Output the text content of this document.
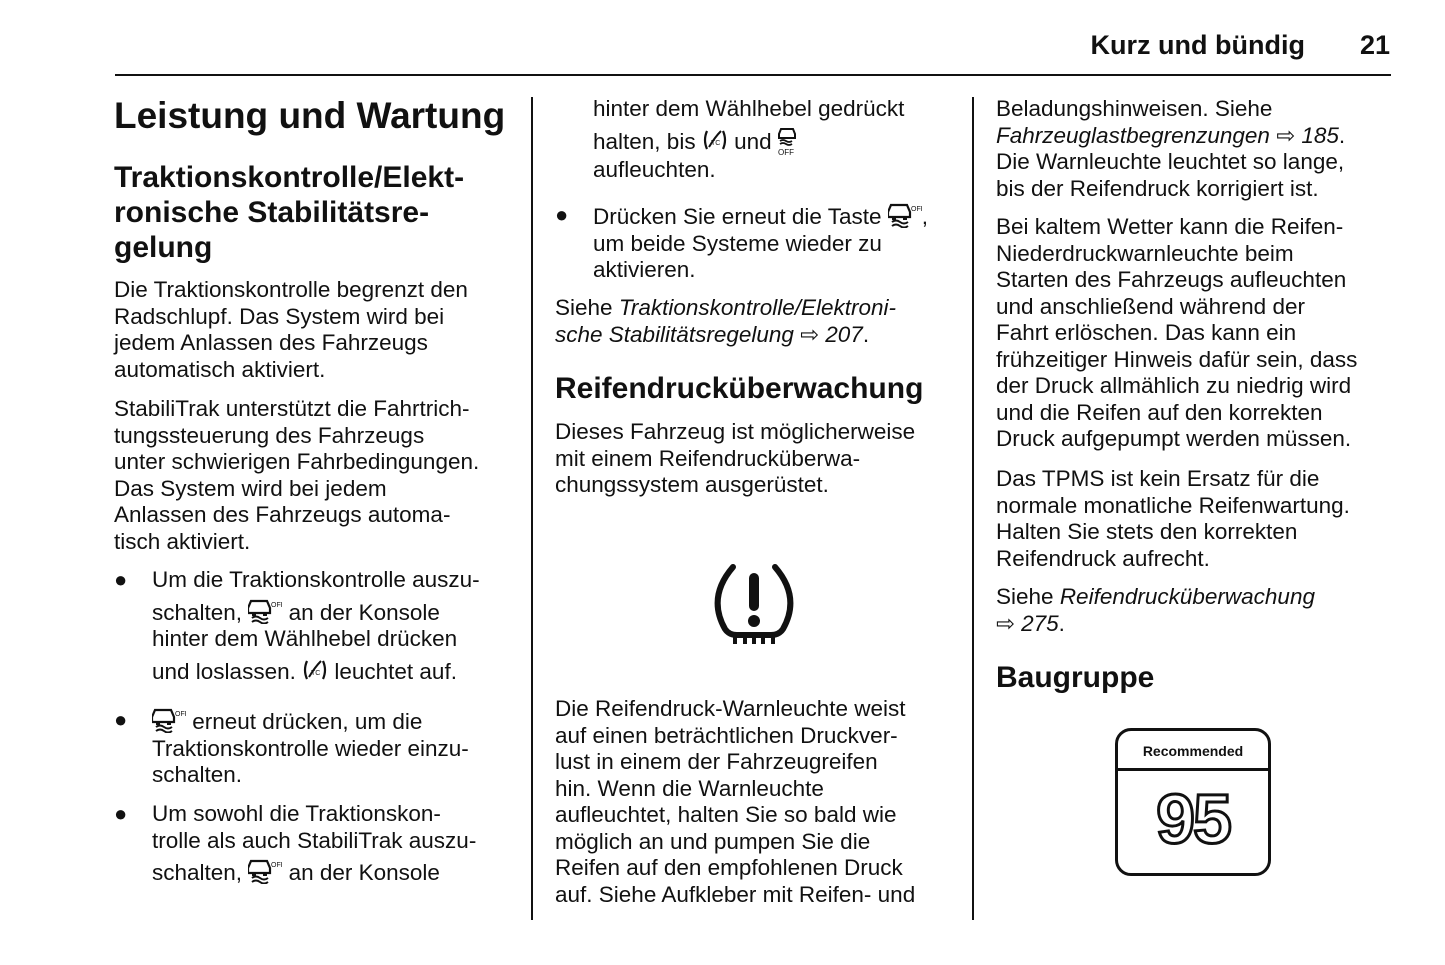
Kurz und bündig	21
Leistung und Wartung
Traktionskontrolle/Elekt-
ronische Stabilitätsre-
gelung
Die Traktionskontrolle begrenzt den
Radschlupf. Das System wird bei
jedem Anlassen des Fahrzeugs
automatisch aktiviert.
StabiliTrak unterstützt die Fahrtrich-
tungssteuerung des Fahrzeugs
unter schwierigen Fahrbedingungen.
Das System wird bei jedem
Anlassen des Fahrzeugs automa-
tisch aktiviert.
● Um die Traktionskontrolle auszu-
schalten,  an der Konsole
hinter dem Wählhebel drücken
und loslassen.  leuchtet auf.
●	erneut drücken, um die
Traktionskontrolle wieder einzu-
schalten.
● Um sowohl die Traktionskon-
trolle als auch StabiliTrak auszu-
schalten,  an der Konsole
hinter dem Wählhebel gedrückt
halten, bis  und
aufleuchten.
● Drücken Sie erneut die Taste ,
um beide Systeme wieder zu
aktivieren.
Siehe Traktionskontrolle/Elektroni-
sche Stabilitätsregelung ⇨ 207.
Reifendrucküberwachung
Dieses Fahrzeug ist möglicherweise
mit einem Reifendrucküberwa-
chungssystem ausgerüstet.
Die Reifendruck-Warnleuchte weist
auf einen beträchtlichen Druckver-
lust in einem der Fahrzeugreifen
hin. Wenn die Warnleuchte
aufleuchtet, halten Sie so bald wie
möglich an und pumpen Sie die
Reifen auf den empfohlenen Druck
auf. Siehe Aufkleber mit Reifen- und
Beladungshinweisen. Siehe
Fahrzeuglastbegrenzungen ⇨ 185.
Die Warnleuchte leuchtet so lange,
bis der Reifendruck korrigiert ist.
Bei kaltem Wetter kann die Reifen-
Niederdruckwarnleuchte beim
Starten des Fahrzeugs aufleuchten
und anschließend während der
Fahrt erlöschen. Das kann ein
frühzeitiger Hinweis dafür sein, dass
der Druck allmählich zu niedrig wird
und die Reifen auf den korrekten
Druck aufgepumpt werden müssen.
Das TPMS ist kein Ersatz für die
normale monatliche Reifenwartung.
Halten Sie stets den korrekten
Reifendruck aufrecht.
Siehe Reifendrucküberwachung
⇨ 275.
Baugruppe
Recommended
95
